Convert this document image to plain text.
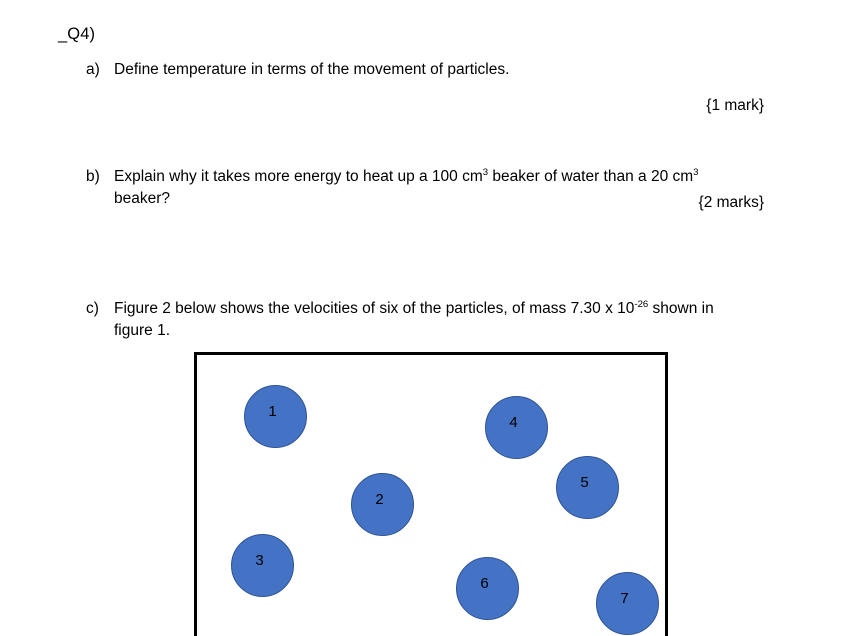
_Q4)
a) Define temperature in terms of the movement of particles.
{1 mark}
b) Explain why it takes more energy to heat up a 100 $cm^3$ beaker of water than a 20 $cm^3$
beaker?	{2 marks}
c) Figure 2 below shows the velocities of six of the particles, of mass 7.30 x $10^{-26}$ shown in
figure 1.
1
2
3
4
5
6
7
